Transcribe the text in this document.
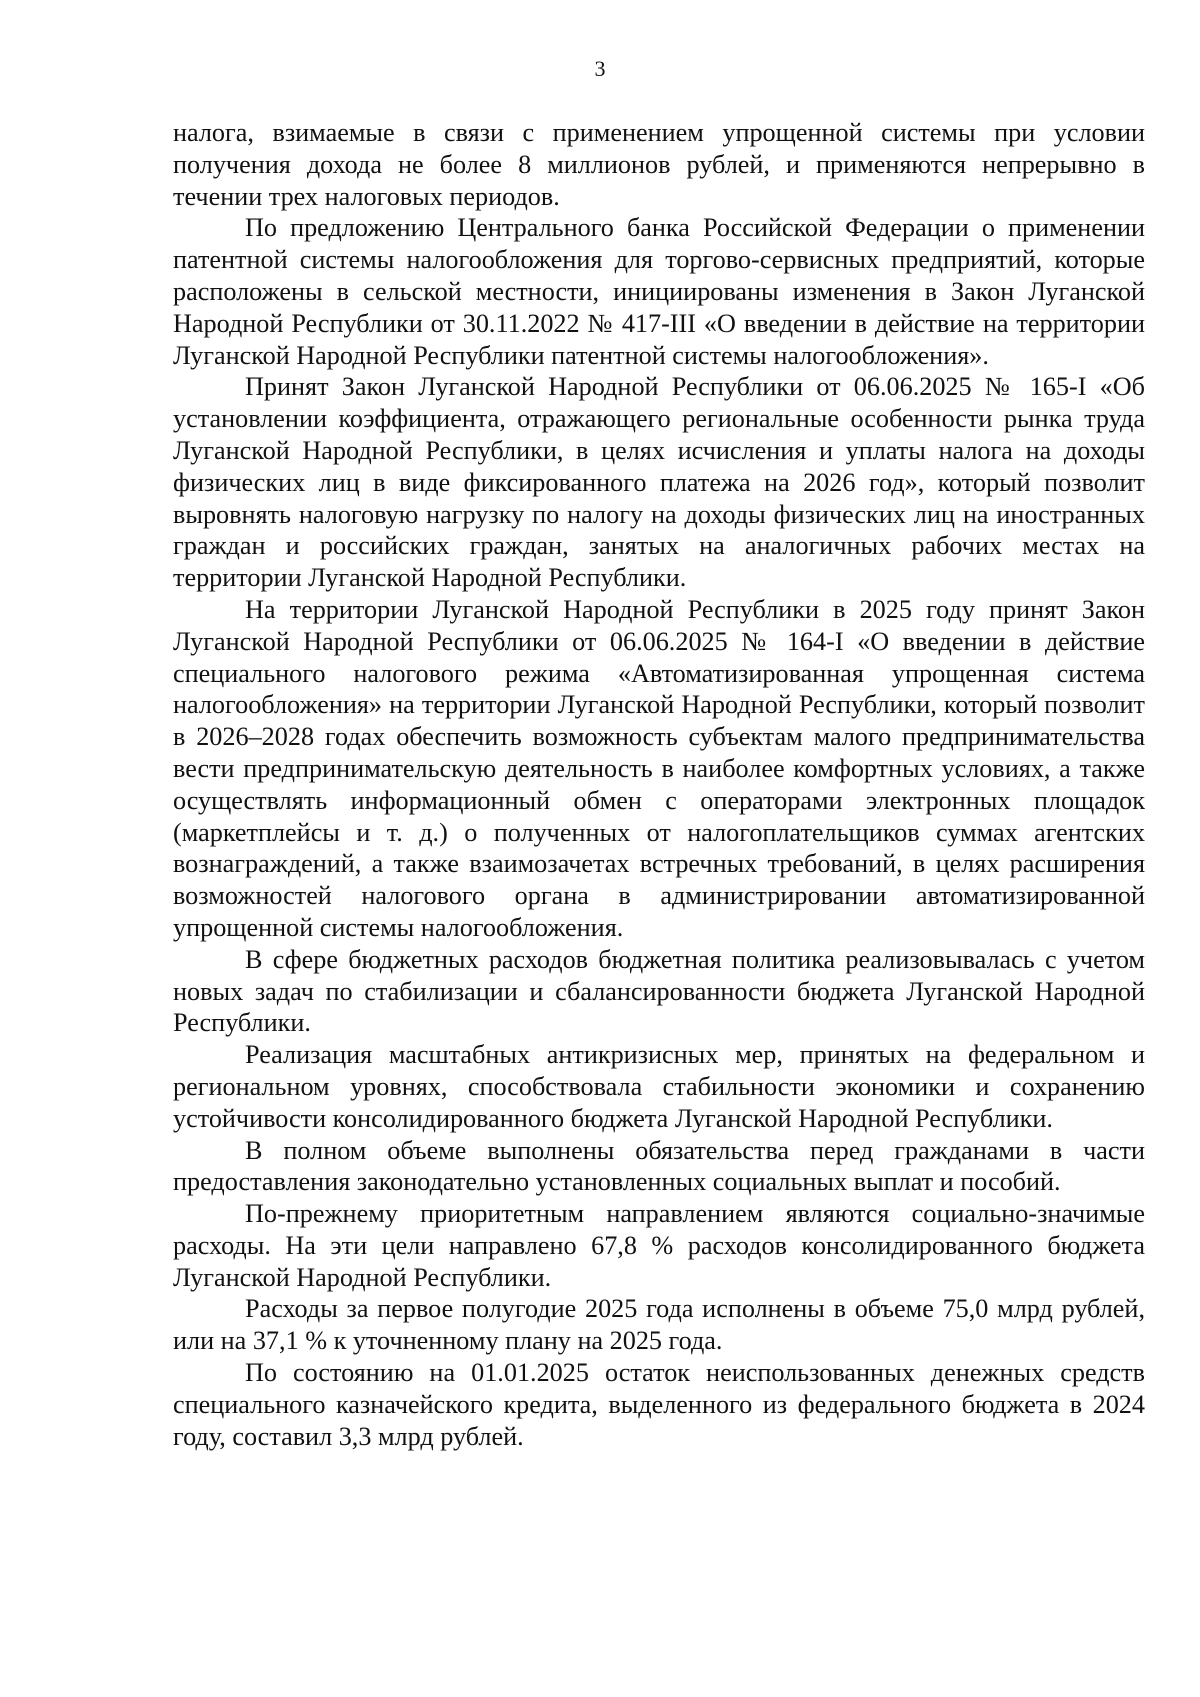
3

налога, взимаемые в связи с применением упрощенной системы при условии получения дохода не более 8 миллионов рублей, и применяются непрерывно в течении трех налоговых периодов.

По предложению Центрального банка Российской Федерации о применении патентной системы налогообложения для торгово-сервисных предприятий, которые расположены в сельской местности, инициированы изменения в Закон Луганской Народной Республики от 30.11.2022 № 417-III «О введении в действие на территории Луганской Народной Республики патентной системы налогообложения».

Принят Закон Луганской Народной Республики от 06.06.2025 № 165-I «Об установлении коэффициента, отражающего региональные особенности рынка труда Луганской Народной Республики, в целях исчисления и уплаты налога на доходы физических лиц в виде фиксированного платежа на 2026 год», который позволит выровнять налоговую нагрузку по налогу на доходы физических лиц на иностранных граждан и российских граждан, занятых на аналогичных рабочих местах на территории Луганской Народной Республики.

На территории Луганской Народной Республики в 2025 году принят Закон Луганской Народной Республики от 06.06.2025 № 164-I «О введении в действие специального налогового режима «Автоматизированная упрощенная система налогообложения» на территории Луганской Народной Республики, который позволит в 2026–2028 годах обеспечить возможность субъектам малого предпринимательства вести предпринимательскую деятельность в наиболее комфортных условиях, а также осуществлять информационный обмен с операторами электронных площадок (маркетплейсы и т. д.) о полученных от налогоплательщиков суммах агентских вознаграждений, а также взаимозачетах встречных требований, в целях расширения возможностей налогового органа в администрировании автоматизированной упрощенной системы налогообложения.

В сфере бюджетных расходов бюджетная политика реализовывалась с учетом новых задач по стабилизации и сбалансированности бюджета Луганской Народной Республики.

Реализация масштабных антикризисных мер, принятых на федеральном и региональном уровнях, способствовала стабильности экономики и сохранению устойчивости консолидированного бюджета Луганской Народной Республики.

В полном объеме выполнены обязательства перед гражданами в части предоставления законодательно установленных социальных выплат и пособий.

По-прежнему приоритетным направлением являются социально-значимые расходы. На эти цели направлено 67,8 % расходов консолидированного бюджета Луганской Народной Республики.

Расходы за первое полугодие 2025 года исполнены в объеме 75,0 млрд рублей, или на 37,1 % к уточненному плану на 2025 года.

По состоянию на 01.01.2025 остаток неиспользованных денежных средств специального казначейского кредита, выделенного из федерального бюджета в 2024 году, составил 3,3 млрд рублей.
